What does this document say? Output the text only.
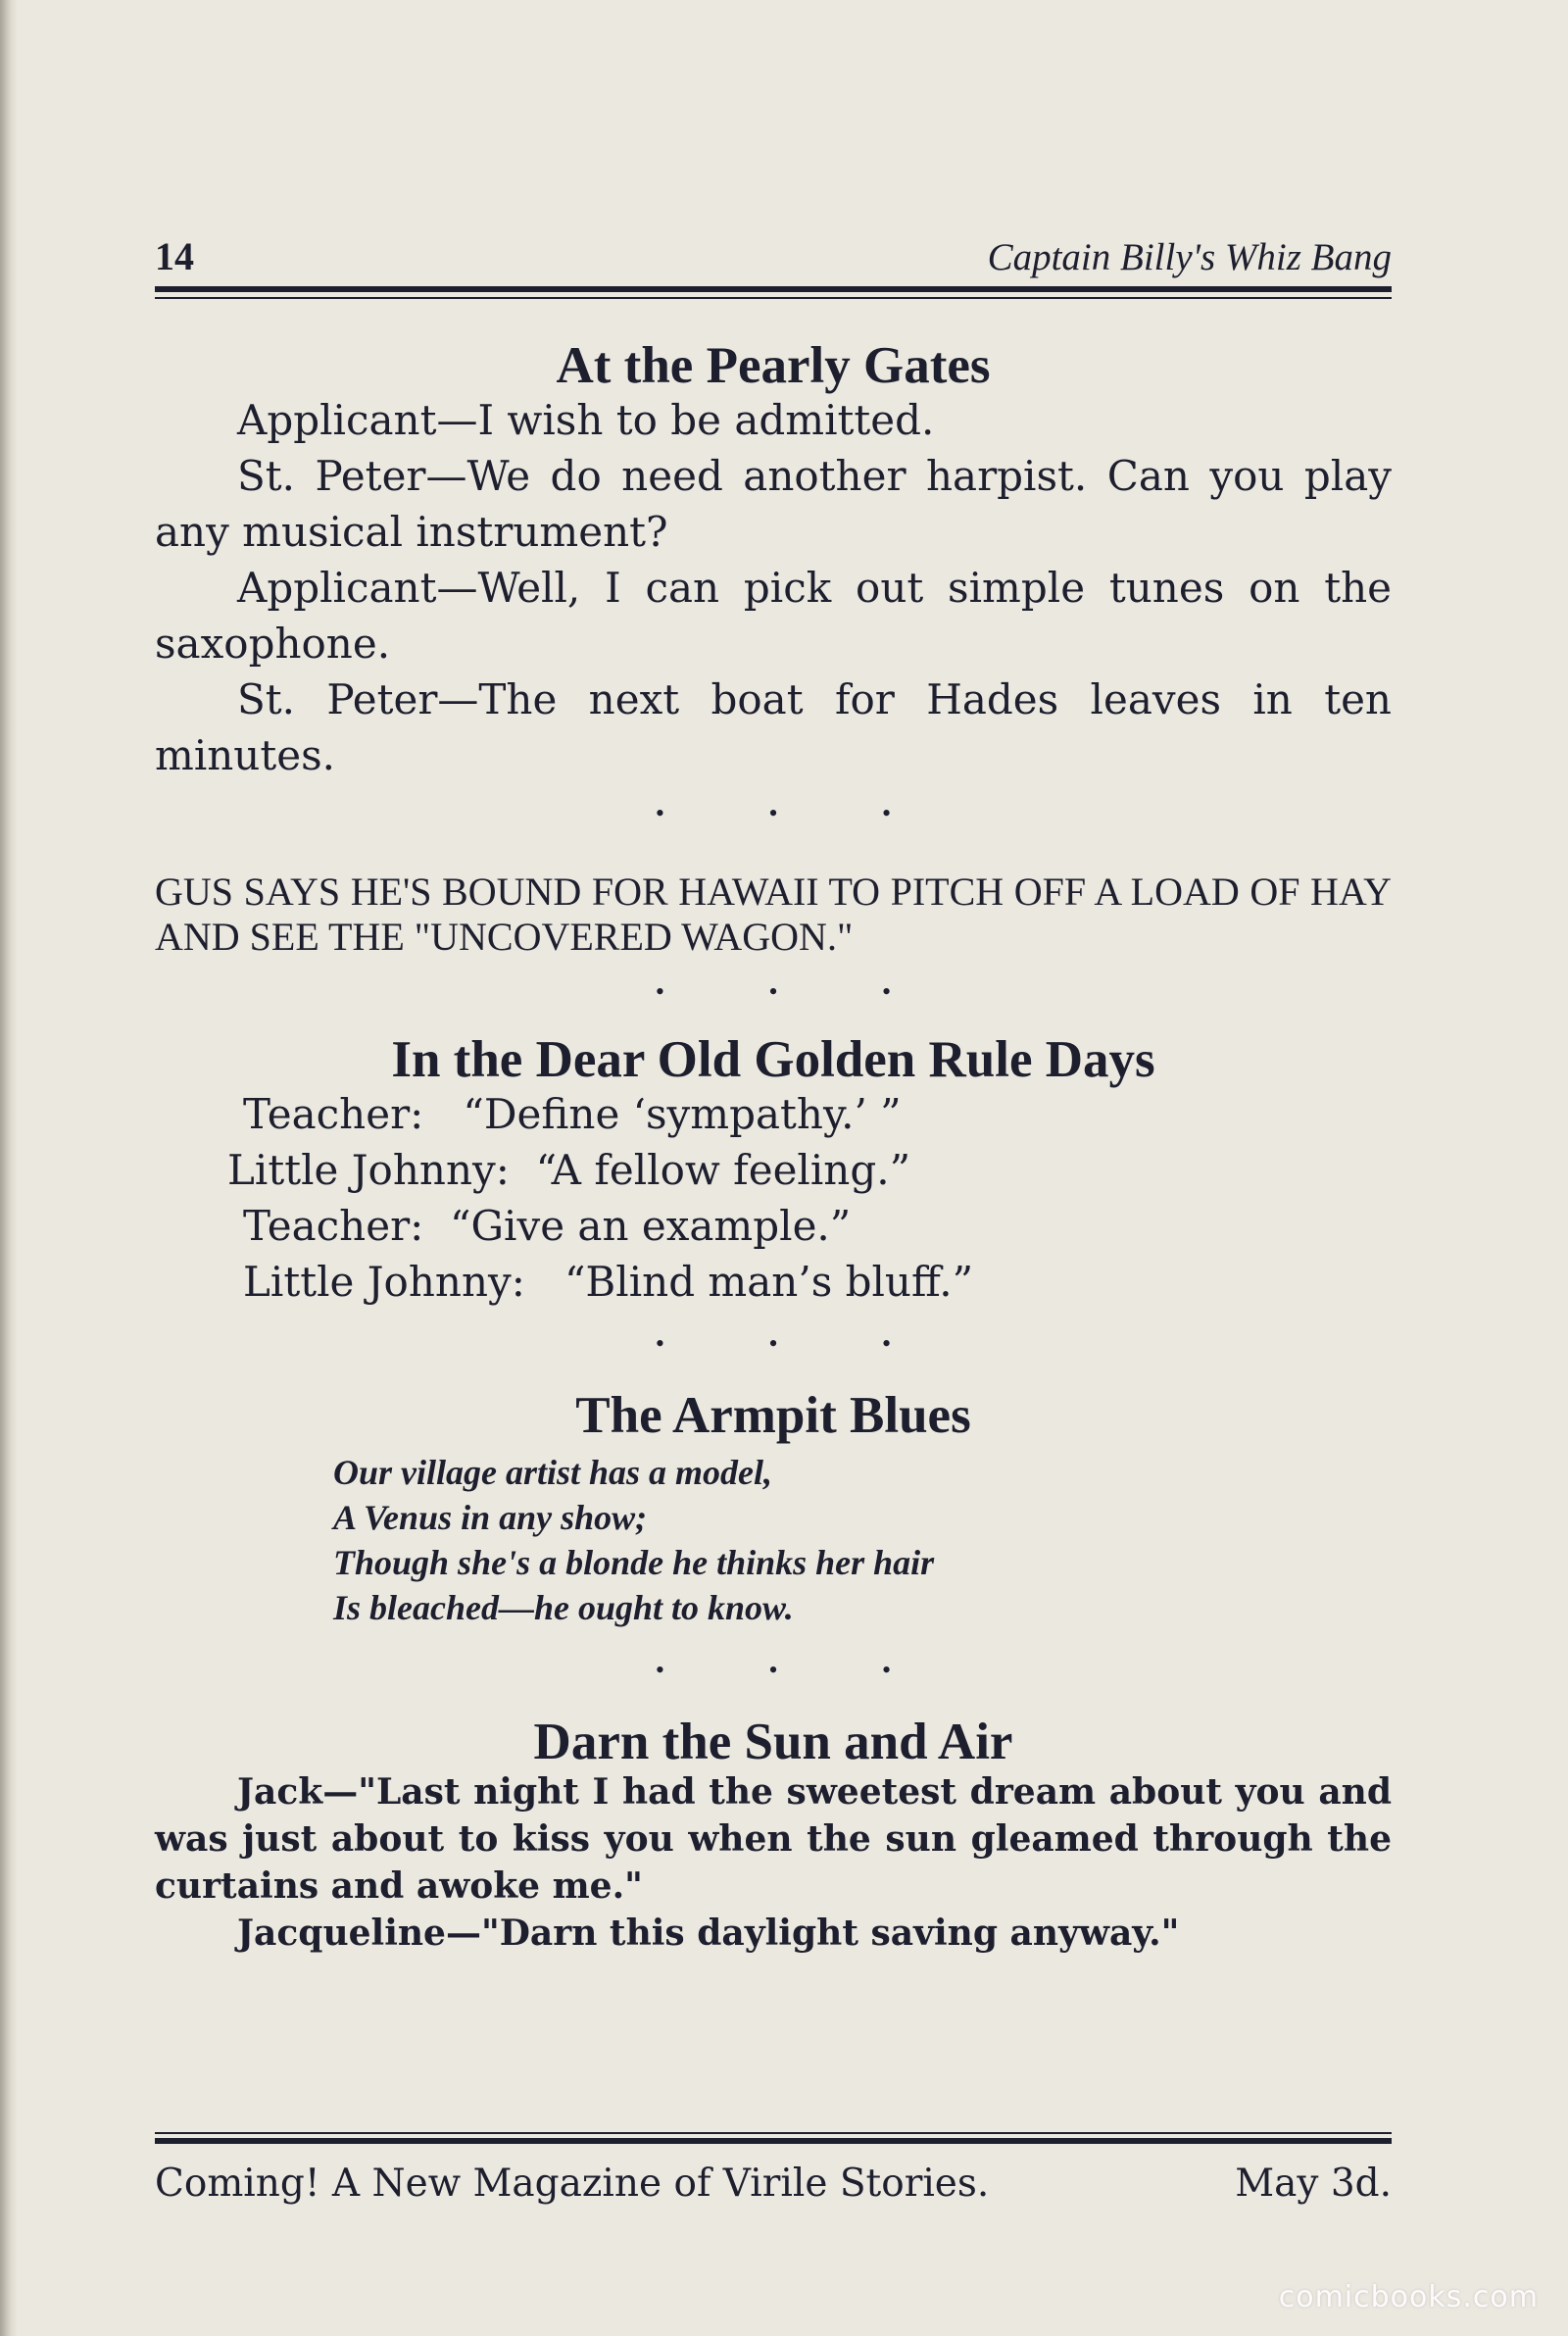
14	Captain Billy's Whiz Bang
At the Pearly Gates

Applicant—I wish to be admitted.

St. Peter—We do need another harpist. Can you play any musical instrument?

Applicant—Well, I can pick out simple tunes on the saxophone.

St. Peter—The next boat for Hades leaves in ten minutes.

• • •

GUS SAYS HE'S BOUND FOR HAWAII TO PITCH OFF A LOAD OF HAY AND SEE THE "UNCOVERED WAGON."

• • •
In the Dear Old Golden Rule Days
Teacher: “Define ‘sympathy.’ ”
Little Johnny: “A fellow feeling.”
Teacher: “Give an example.”
Little Johnny: “Blind man’s bluff.”
• • •
The Armpit Blues
Our village artist has a model,
A Venus in any show;
Though she's a blonde he thinks her hair
Is bleached—he ought to know.
• • •
Darn the Sun and Air

Jack—"Last night I had the sweetest dream about you and was just about to kiss you when the sun gleamed through the curtains and awoke me."

Jacqueline—"Darn this daylight saving anyway."

Coming! A New Magazine of Virile Stories.	May 3d.
comicbooks.com
